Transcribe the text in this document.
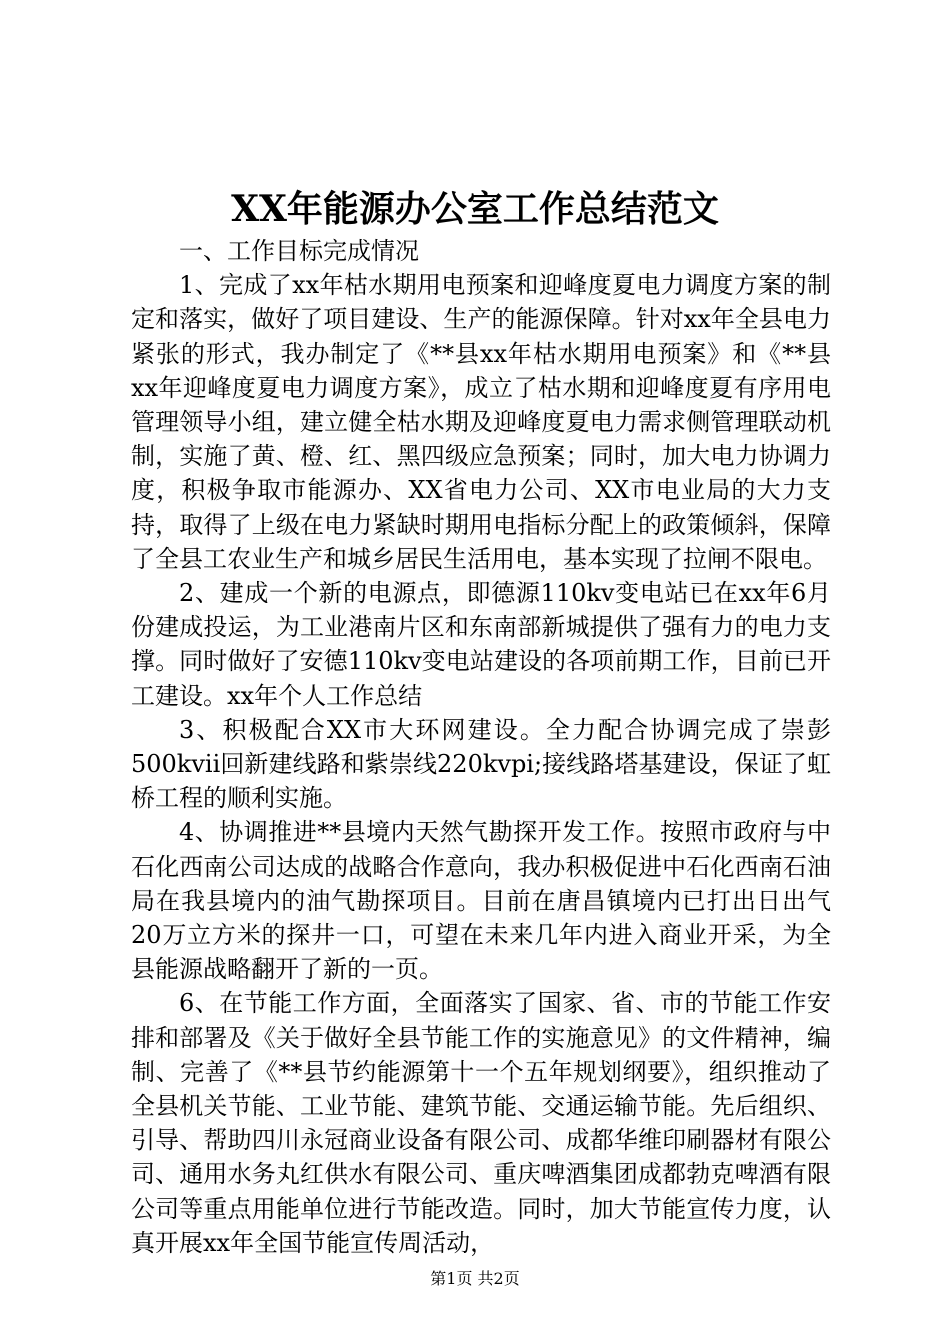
XX年能源办公室工作总结范文

一、工作目标完成情况

1、完成了xx年枯水期用电预案和迎峰度夏电力调度方案的制定和落实，做好了项目建设、生产的能源保障。针对xx年全县电力紧张的形式，我办制定了《**县xx年枯水期用电预案》和《**县xx年迎峰度夏电力调度方案》，成立了枯水期和迎峰度夏有序用电管理领导小组，建立健全枯水期及迎峰度夏电力需求侧管理联动机制，实施了黄、橙、红、黑四级应急预案；同时，加大电力协调力度，积极争取市能源办、XX省电力公司、XX市电业局的大力支持，取得了上级在电力紧缺时期用电指标分配上的政策倾斜，保障了全县工农业生产和城乡居民生活用电，基本实现了拉闸不限电。

2、建成一个新的电源点，即德源110kv变电站已在xx年6月份建成投运，为工业港南片区和东南部新城提供了强有力的电力支撑。同时做好了安德110kv变电站建设的各项前期工作，目前已开工建设。xx年个人工作总结

3、积极配合XX市大环网建设。全力配合协调完成了崇彭500kvii回新建线路和紫崇线220kvpi;接线路塔基建设，保证了虹桥工程的顺利实施。

4、协调推进**县境内天然气勘探开发工作。按照市政府与中石化西南公司达成的战略合作意向，我办积极促进中石化西南石油局在我县境内的油气勘探项目。目前在唐昌镇境内已打出日出气20万立方米的探井一口，可望在未来几年内进入商业开采，为全县能源战略翻开了新的一页。

6、在节能工作方面，全面落实了国家、省、市的节能工作安排和部署及《关于做好全县节能工作的实施意见》的文件精神，编制、完善了《**县节约能源第十一个五年规划纲要》，组织推动了全县机关节能、工业节能、建筑节能、交通运输节能。先后组织、引导、帮助四川永冠商业设备有限公司、成都华维印刷器材有限公司、通用水务丸红供水有限公司、重庆啤酒集团成都勃克啤酒有限公司等重点用能单位进行节能改造。同时，加大节能宣传力度，认真开展xx年全国节能宣传周活动，

第1页 共2页
